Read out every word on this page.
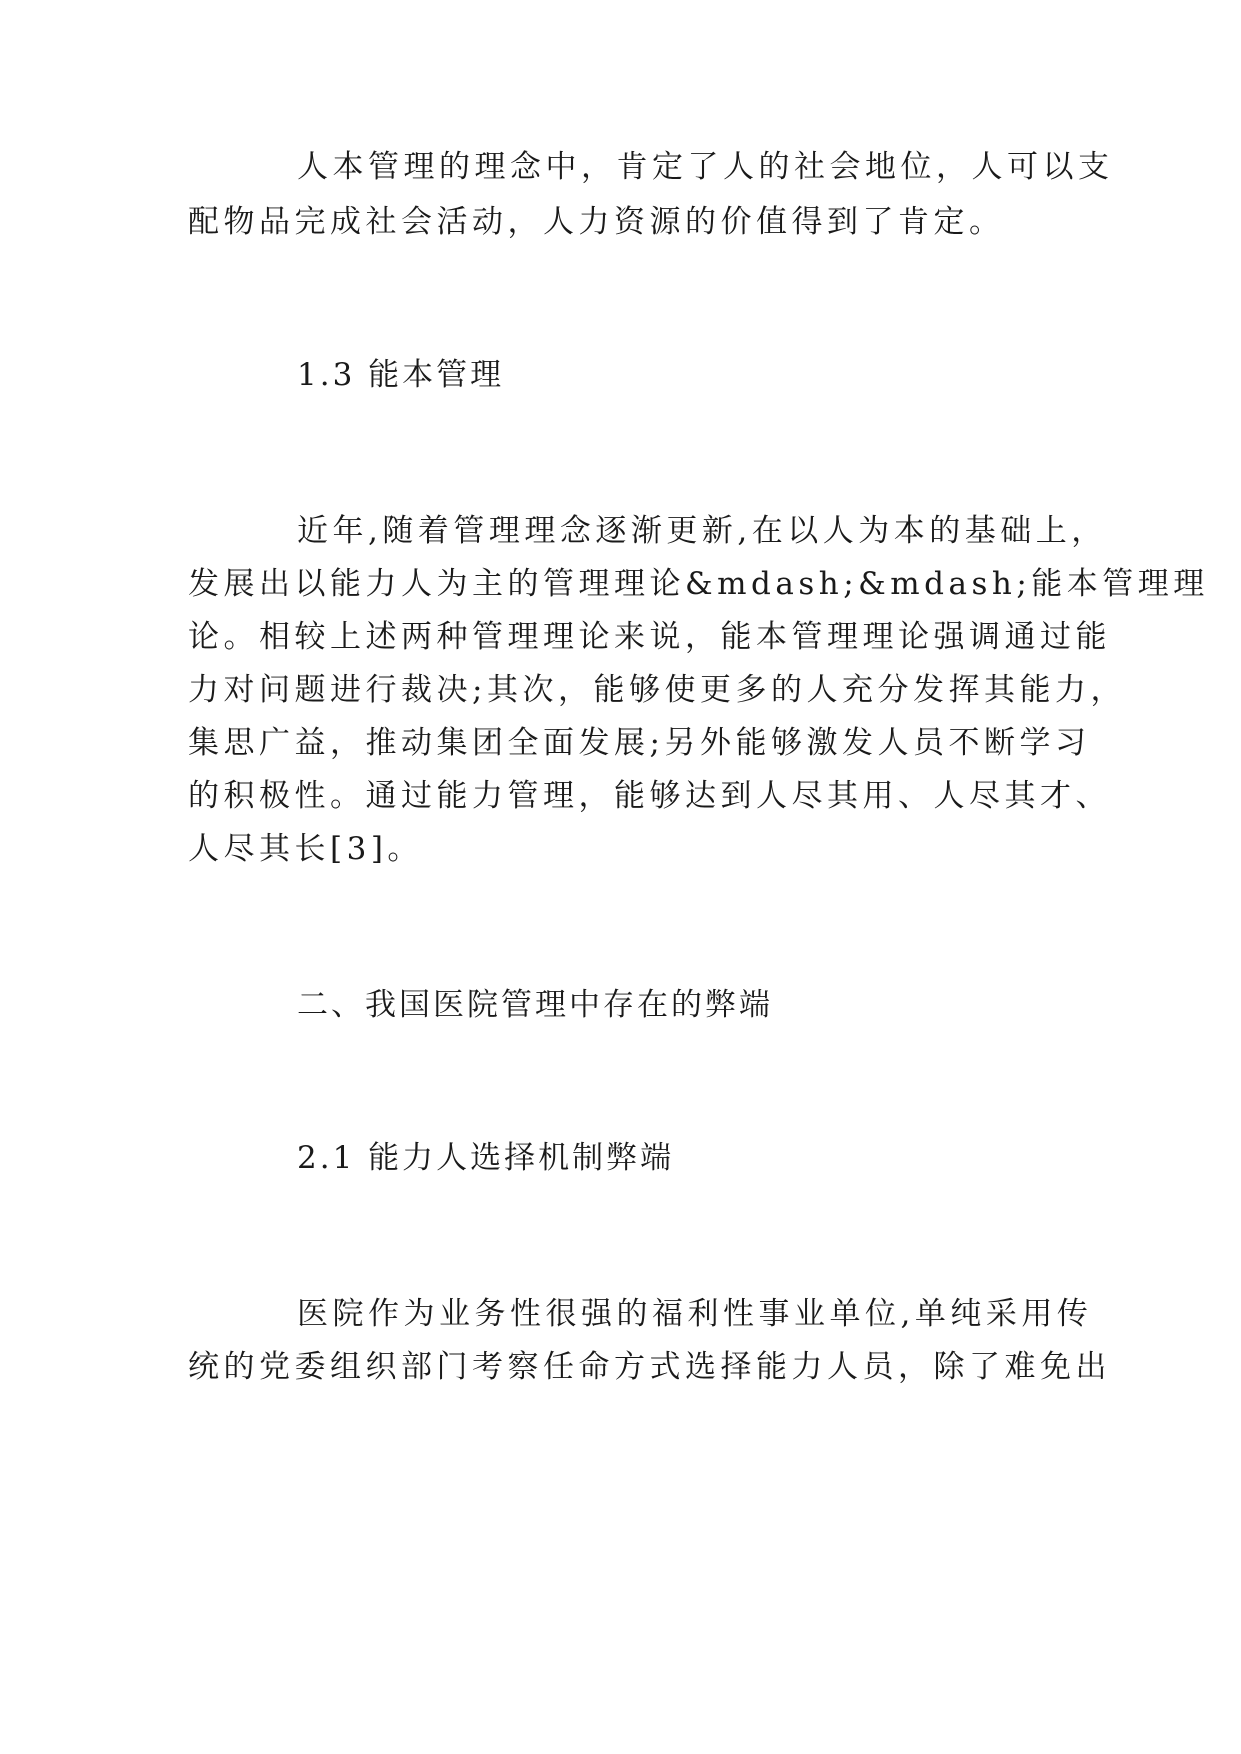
人本管理的理念中，肯定了人的社会地位，人可以支
配物品完成社会活动，人力资源的价值得到了肯定。
1.3 能本管理
近年,随着管理理念逐渐更新,在以人为本的基础上，
发展出以能力人为主的管理理论&mdash;&mdash;能本管理理
论。相较上述两种管理理论来说，能本管理理论强调通过能
力对问题进行裁决;其次，能够使更多的人充分发挥其能力，
集思广益，推动集团全面发展;另外能够激发人员不断学习
的积极性。通过能力管理，能够达到人尽其用、人尽其才、
人尽其长[3]。
二、我国医院管理中存在的弊端
2.1 能力人选择机制弊端
医院作为业务性很强的福利性事业单位,单纯采用传
统的党委组织部门考察任命方式选择能力人员，除了难免出
